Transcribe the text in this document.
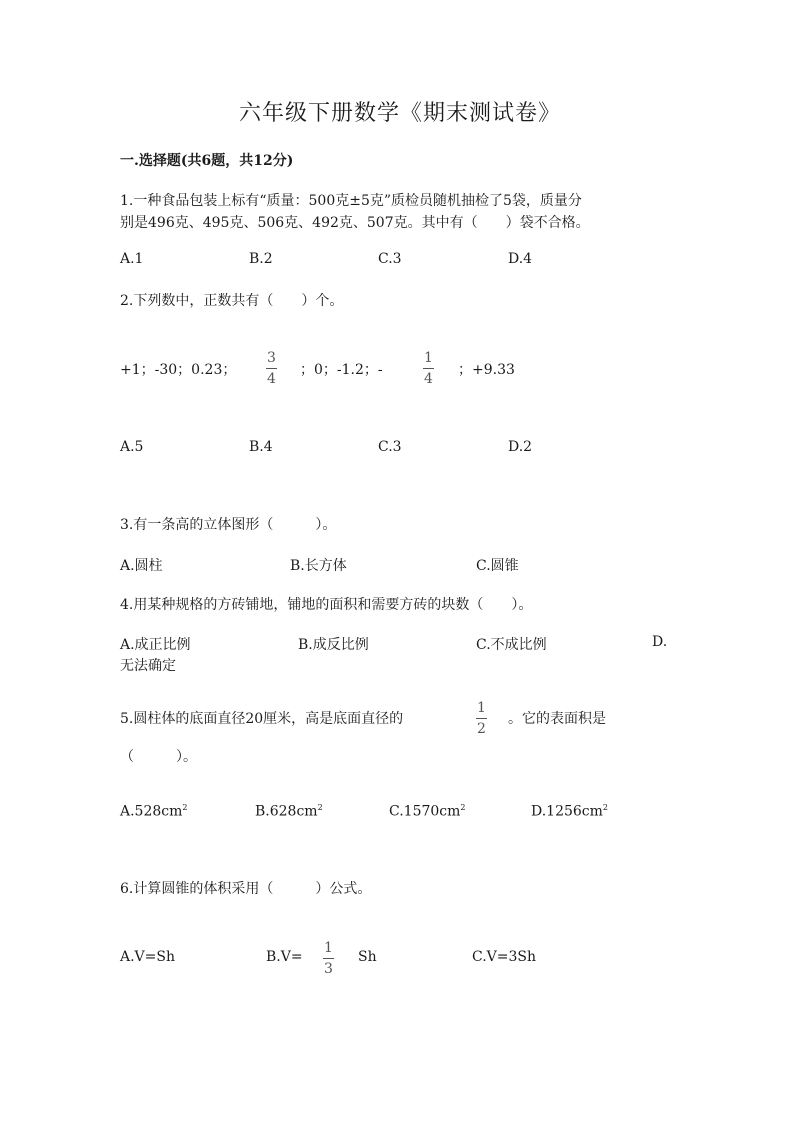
六年级下册数学《期末测试卷》
一.选择题(共6题，共12分)
1.一种食品包装上标有“质量：500克±5克”质检员随机抽检了5袋，质量分
别是496克、495克、506克、492克、507克。其中有（　　）袋不合格。
A.1	B.2	C.3	D.4
2.下列数中，正数共有（　　）个。
+1；-30；0.23；
3
4
；0；-1.2；-
1
4
；+9.33
A.5	B.4	C.3	D.2
3.有一条高的立体图形（　　　）。
A.圆柱	B.长方体	C.圆锥
4.用某种规格的方砖铺地，铺地的面积和需要方砖的块数（　　）。
A.成正比例	B.成反比例	C.不成比例	D.
无法确定
5.圆柱体的底面直径20厘米，高是底面直径的
1
2
。它的表面积是
（　　　）。
$A.528cm^2$	$B.628cm^2$	$C.1570cm^2$	$D.1256cm^2$
6.计算圆锥的体积采用（　　　）公式。
A.V=Sh	B.V=
1
3
Sh	C.V=3Sh
